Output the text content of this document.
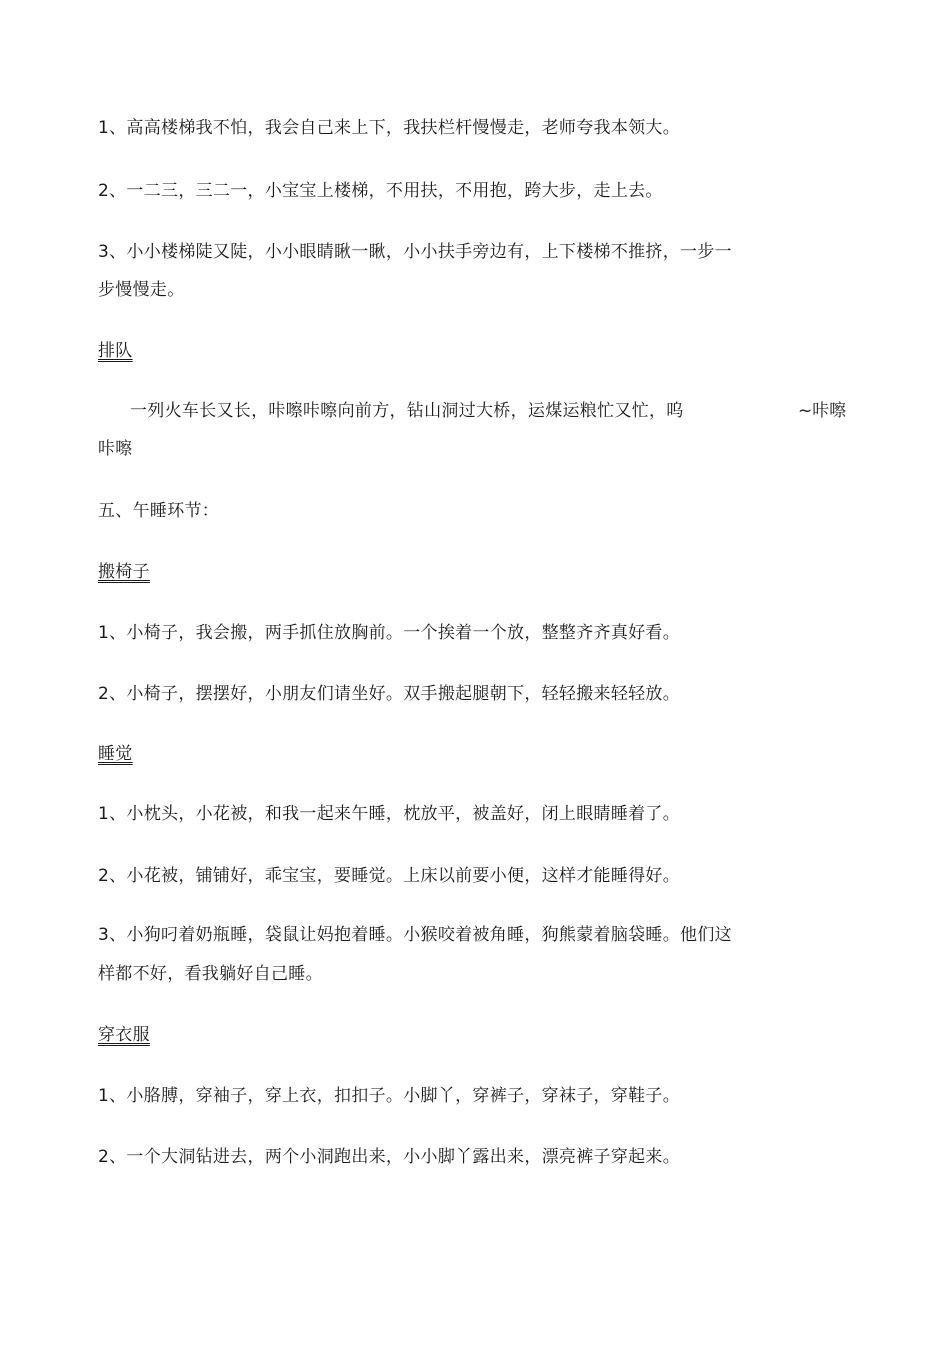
1、高高楼梯我不怕，我会自己来上下，我扶栏杆慢慢走，老师夸我本领大。
2、一二三，三二一，小宝宝上楼梯，不用扶，不用抱，跨大步，走上去。
3、小小楼梯陡又陡，小小眼睛瞅一瞅，小小扶手旁边有，上下楼梯不推挤，一步一
步慢慢走。
排队
一列火车长又长，咔嚓咔嚓向前方，钻山洞过大桥，运煤运粮忙又忙，呜	~咔嚓
咔嚓
五、午睡环节：
搬椅子
1、小椅子，我会搬，两手抓住放胸前。一个挨着一个放，整整齐齐真好看。
2、小椅子，摆摆好，小朋友们请坐好。双手搬起腿朝下，轻轻搬来轻轻放。
睡觉
1、小枕头，小花被，和我一起来午睡，枕放平，被盖好，闭上眼睛睡着了。
2、小花被，铺铺好，乖宝宝，要睡觉。上床以前要小便，这样才能睡得好。
3、小狗叼着奶瓶睡，袋鼠让妈抱着睡。小猴咬着被角睡，狗熊蒙着脑袋睡。他们这
样都不好，看我躺好自己睡。
穿衣服
1、小胳膊，穿袖子，穿上衣，扣扣子。小脚丫，穿裤子，穿袜子，穿鞋子。
2、一个大洞钻进去，两个小洞跑出来，小小脚丫露出来，漂亮裤子穿起来。
